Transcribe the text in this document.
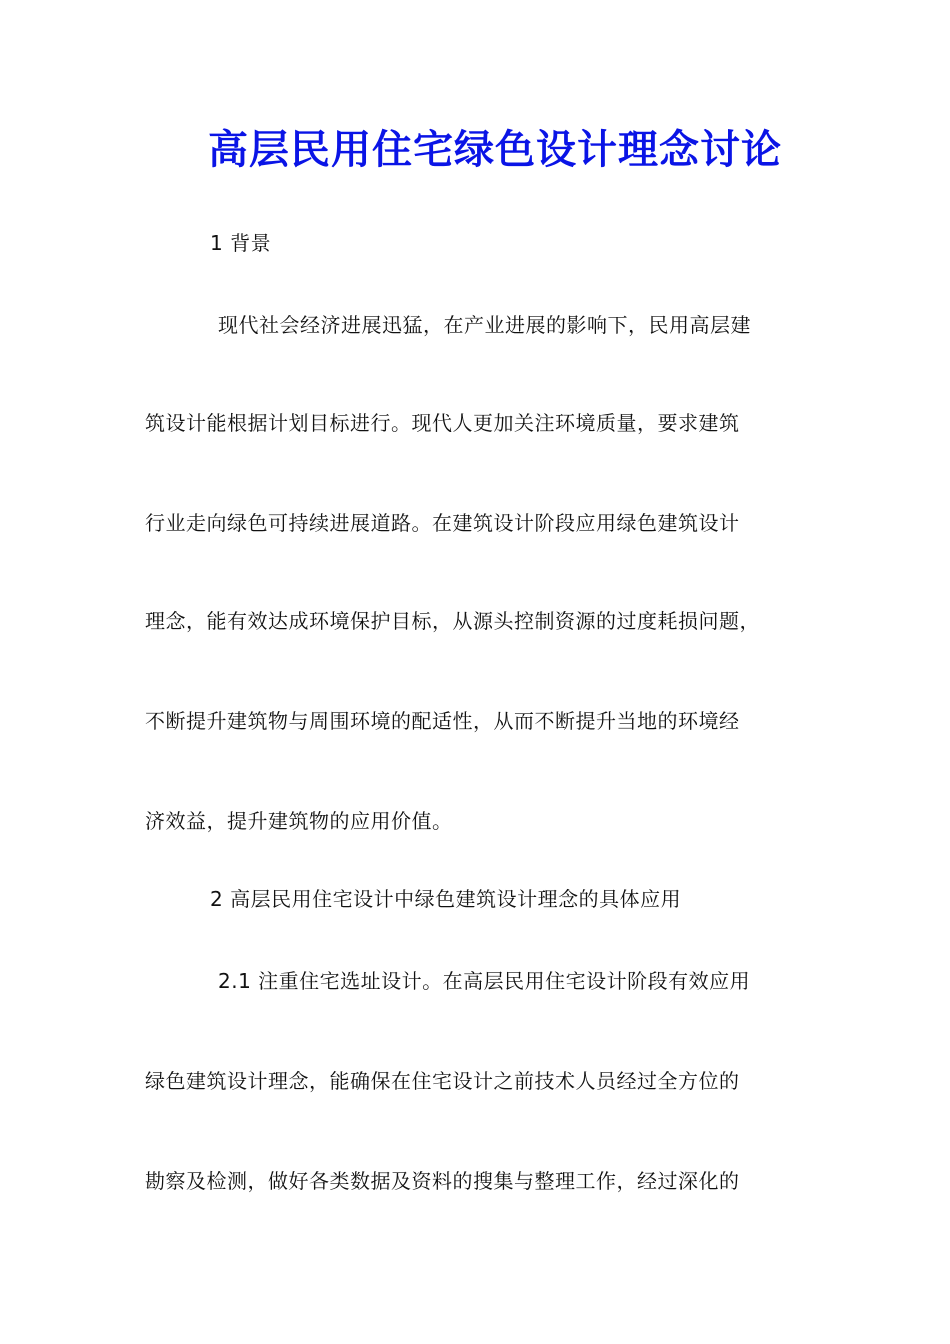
高层民用住宅绿色设计理念讨论
1 背景
现代社会经济进展迅猛，在产业进展的影响下，民用高层建
筑设计能根据计划目标进行。现代人更加关注环境质量，要求建筑
行业走向绿色可持续进展道路。在建筑设计阶段应用绿色建筑设计
理念，能有效达成环境保护目标，从源头控制资源的过度耗损问题，
不断提升建筑物与周围环境的配适性，从而不断提升当地的环境经
济效益，提升建筑物的应用价值。
2 高层民用住宅设计中绿色建筑设计理念的具体应用
2.1 注重住宅选址设计。在高层民用住宅设计阶段有效应用
绿色建筑设计理念，能确保在住宅设计之前技术人员经过全方位的
勘察及检测，做好各类数据及资料的搜集与整理工作，经过深化的
